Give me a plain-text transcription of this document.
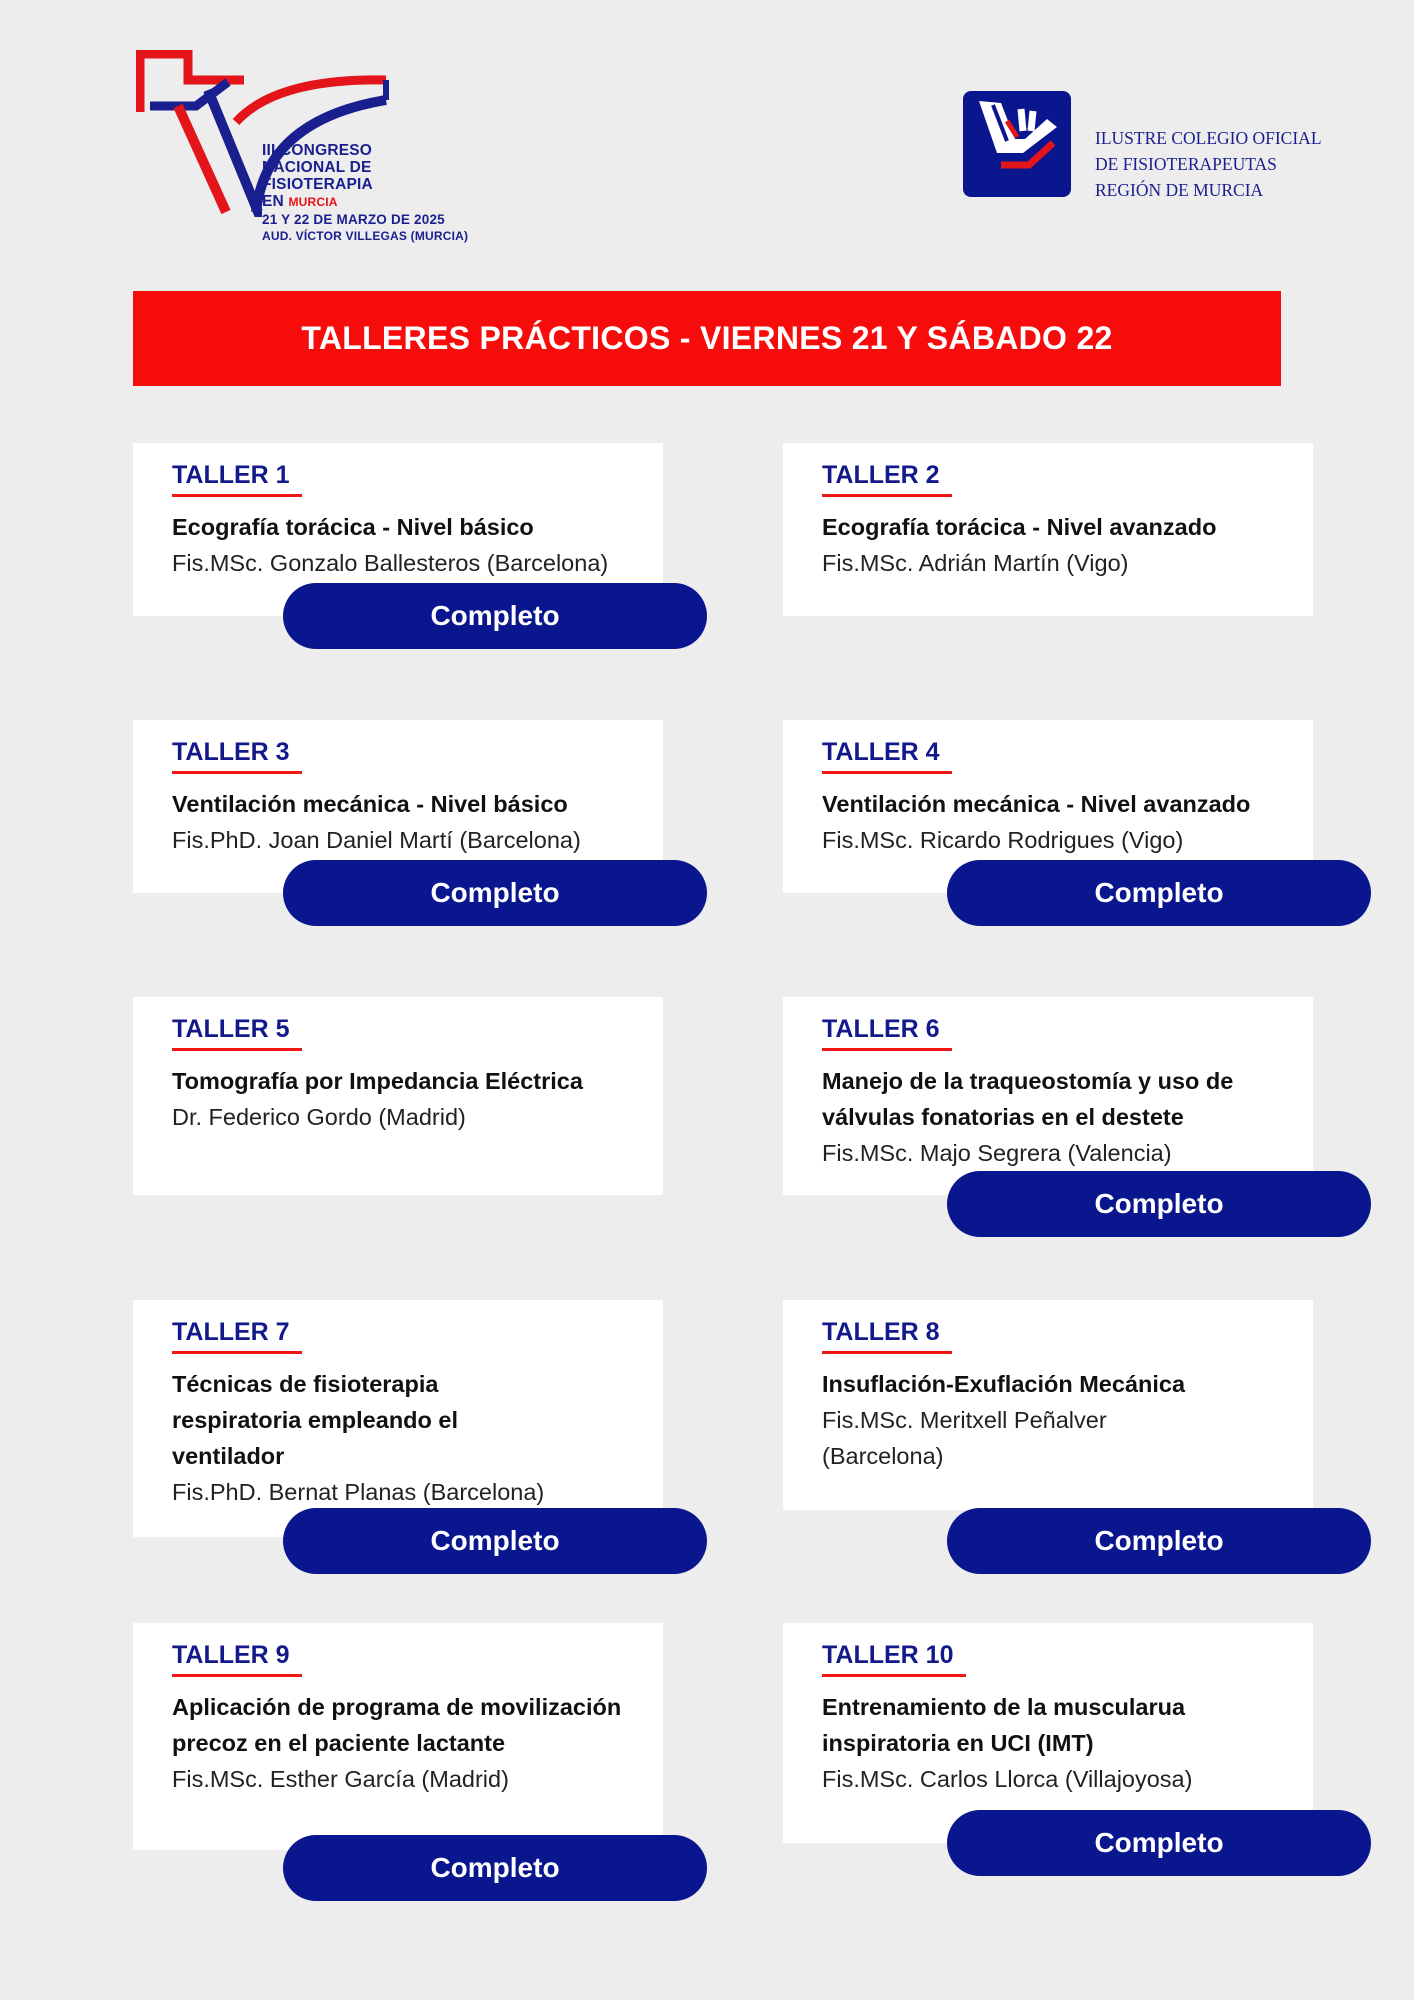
III CONGRESO
NACIONAL DE
FISIOTERAPIA
EN MURCIA
21 Y 22 DE MARZO DE 2025
AUD. VÍCTOR VILLEGAS (MURCIA)
ILUSTRE COLEGIO OFICIAL
DE FISIOTERAPEUTAS
REGIÓN DE MURCIA
TALLERES PRÁCTICOS - VIERNES 21 Y SÁBADO 22
TALLER 1
Ecografía torácica - Nivel básico
Fis.MSc. Gonzalo Ballesteros (Barcelona)
Completo
TALLER 2
Ecografía torácica - Nivel avanzado
Fis.MSc. Adrián Martín (Vigo)
TALLER 3
Ventilación mecánica - Nivel básico
Fis.PhD. Joan Daniel Martí (Barcelona)
Completo
TALLER 4
Ventilación mecánica - Nivel avanzado
Fis.MSc. Ricardo Rodrigues (Vigo)
Completo
TALLER 5
Tomografía por Impedancia Eléctrica
Dr. Federico Gordo (Madrid)
TALLER 6
Manejo de la traqueostomía y uso de válvulas fonatorias en el destete
Fis.MSc. Majo Segrera (Valencia)
Completo
TALLER 7
Técnicas de fisioterapia respiratoria empleando el ventilador
Fis.PhD. Bernat Planas (Barcelona)
Completo
TALLER 8
Insuflación-Exuflación Mecánica
Fis.MSc. Meritxell Peñalver (Barcelona)
Completo
TALLER 9
Aplicación de programa de movilización precoz en el paciente lactante
Fis.MSc. Esther García (Madrid)
Completo
TALLER 10
Entrenamiento de la muscularua inspiratoria en UCI (IMT)
Fis.MSc. Carlos Llorca (Villajoyosa)
Completo
